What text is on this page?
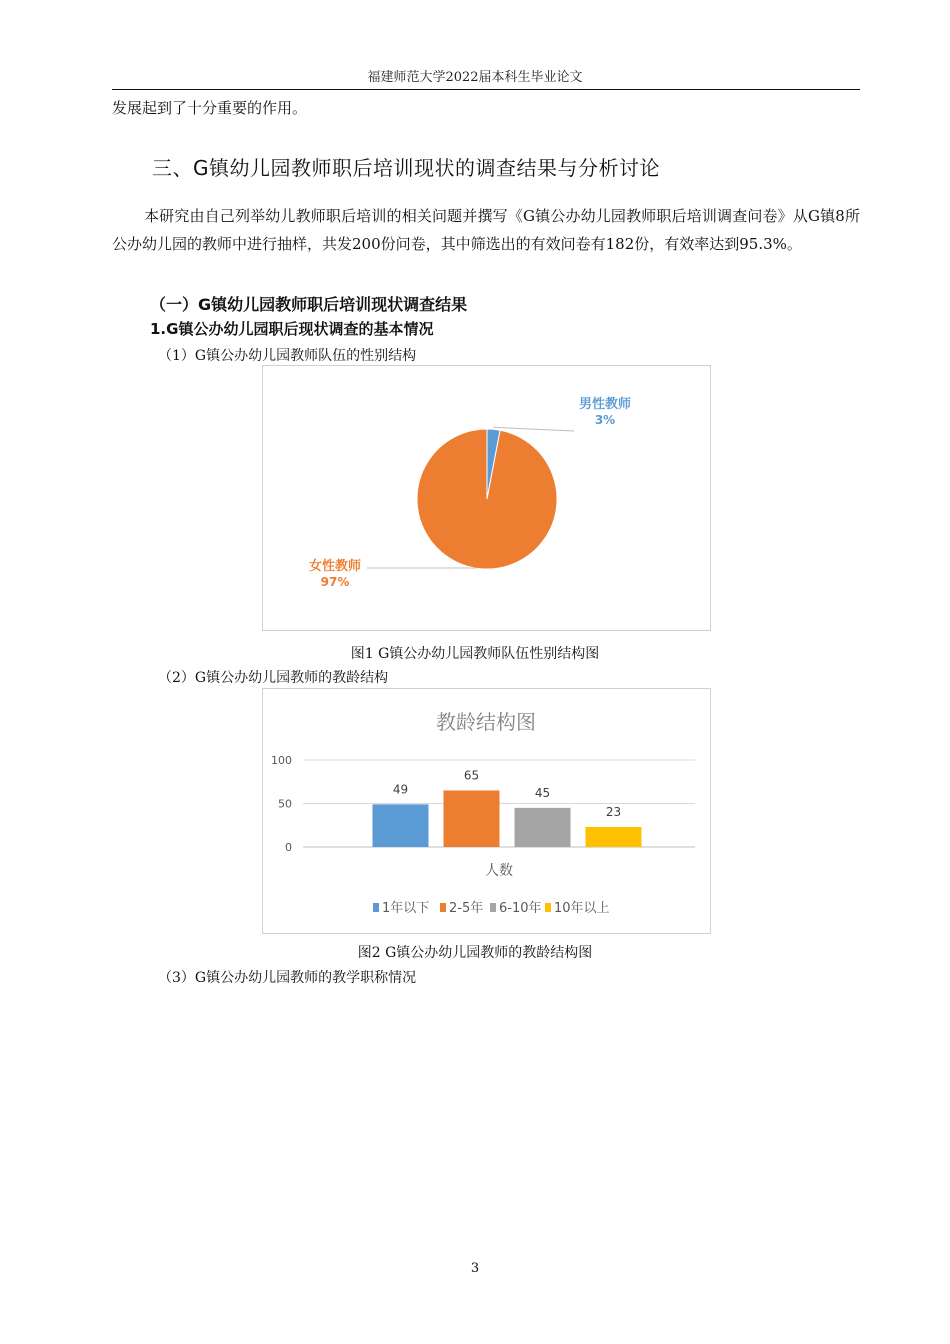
福建师范大学2022届本科生毕业论文
发展起到了十分重要的作用。
三、G镇幼儿园教师职后培训现状的调查结果与分析讨论
本研究由自己列举幼儿教师职后培训的相关问题并撰写《G镇公办幼儿园教师职后培训调查问卷》从G镇8所公办幼儿园的教师中进行抽样，共发200份问卷，其中筛选出的有效问卷有182份，有效率达到95.3%。
（一）G镇幼儿园教师职后培训现状调查结果
1.G镇公办幼儿园职后现状调查的基本情况
（1）G镇公办幼儿园教师队伍的性别结构
男性教师
3%
女性教师
97%
图1 G镇公办幼儿园教师队伍性别结构图
（2）G镇公办幼儿园教师的教龄结构
教龄结构图
0
50
100
49
65
45
23
人数
1年以下 2-5年 6-10年 10年以上
图2 G镇公办幼儿园教师的教龄结构图
（3）G镇公办幼儿园教师的教学职称情况
3
